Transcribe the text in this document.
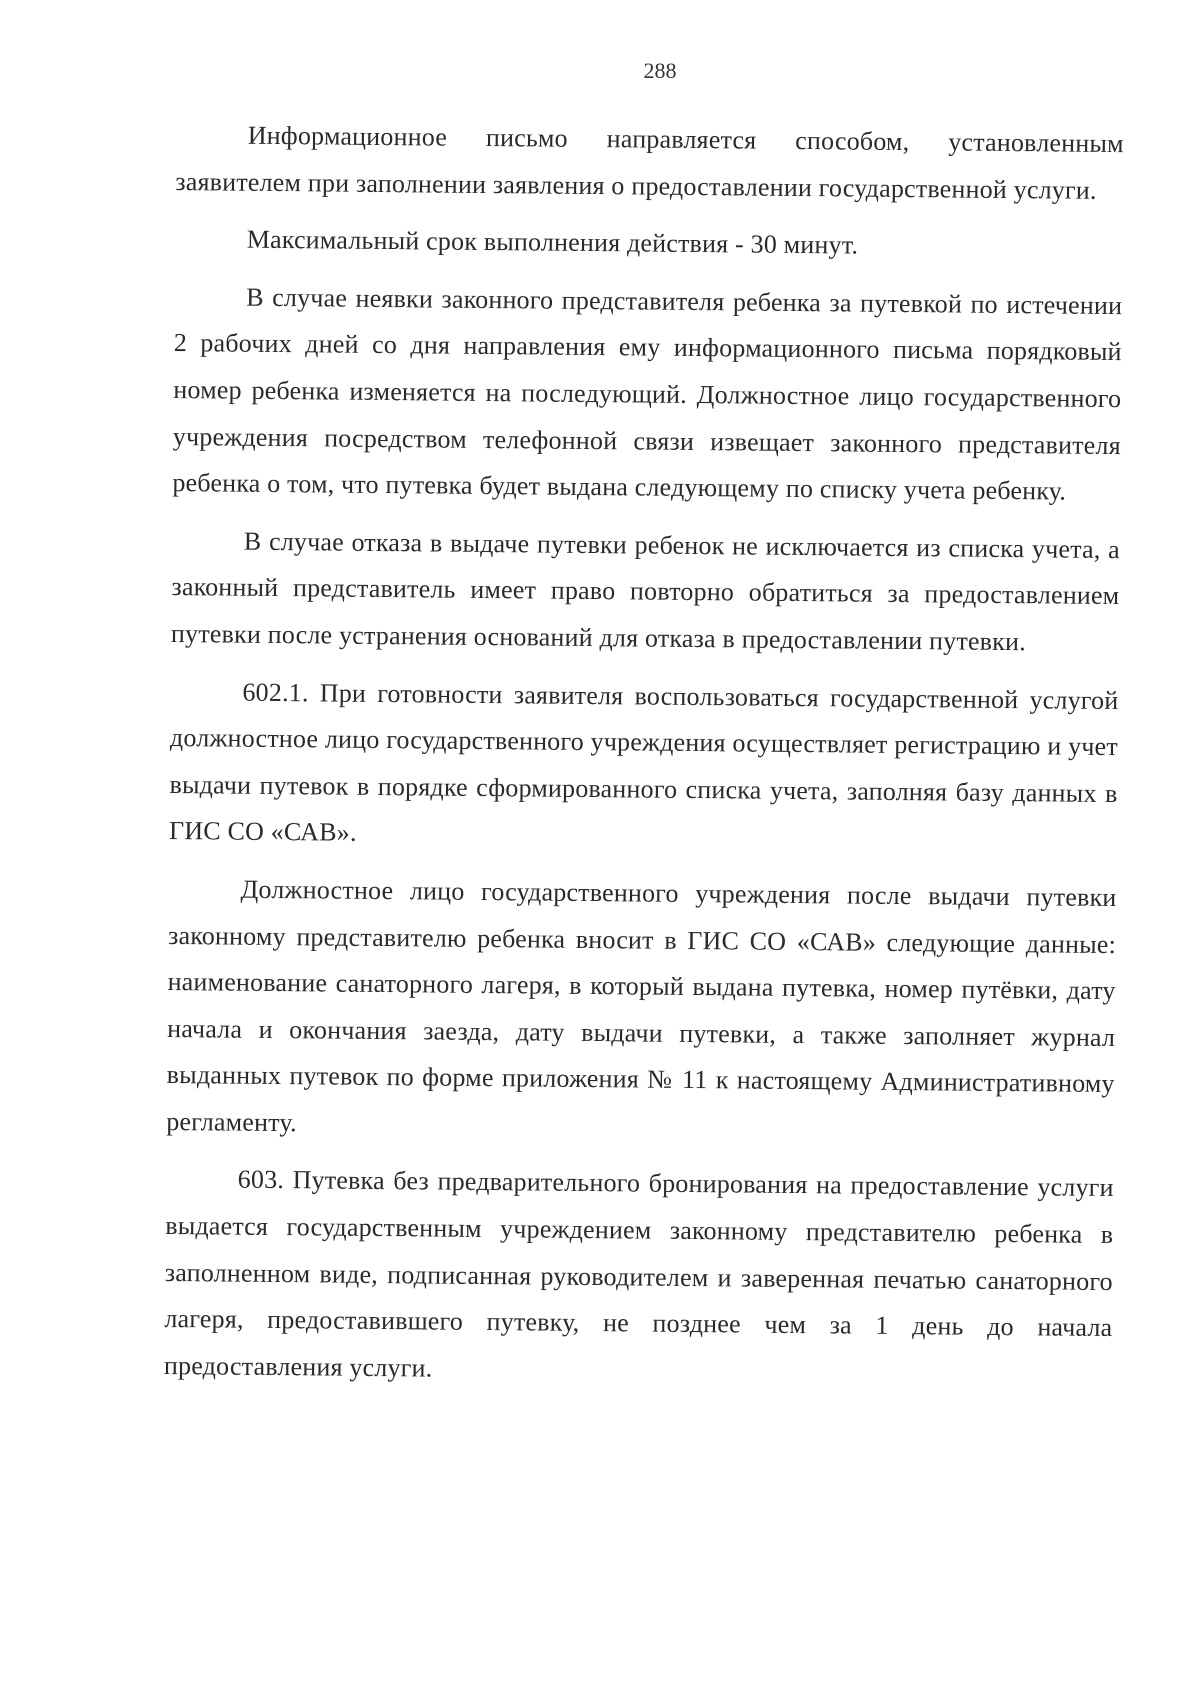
288

Информационное письмо направляется способом, установленным заявителем при заполнении заявления о предоставлении государственной услуги.

Максимальный срок выполнения действия - 30 минут.

В случае неявки законного представителя ребенка за путевкой по истечении 2 рабочих дней со дня направления ему информационного письма порядковый номер ребенка изменяется на последующий. Должностное лицо государственного учреждения посредством телефонной связи извещает законного представителя ребенка о том, что путевка будет выдана следующему по списку учета ребенку.

В случае отказа в выдаче путевки ребенок не исключается из списка учета, а законный представитель имеет право повторно обратиться за предоставлением путевки после устранения оснований для отказа в предоставлении путевки.

602.1. При готовности заявителя воспользоваться государственной услугой должностное лицо государственного учреждения осуществляет регистрацию и учет выдачи путевок в порядке сформированного списка учета, заполняя базу данных в ГИС СО «САВ».

Должностное лицо государственного учреждения после выдачи путевки законному представителю ребенка вносит в ГИС СО «САВ» следующие данные: наименование санаторного лагеря, в который выдана путевка, номер путёвки, дату начала и окончания заезда, дату выдачи путевки, а также заполняет журнал выданных путевок по форме приложения № 11 к настоящему Административному регламенту.

603. Путевка без предварительного бронирования на предоставление услуги выдается государственным учреждением законному представителю ребенка в заполненном виде, подписанная руководителем и заверенная печатью санаторного лагеря, предоставившего путевку, не позднее чем за 1 день до начала предоставления услуги.
